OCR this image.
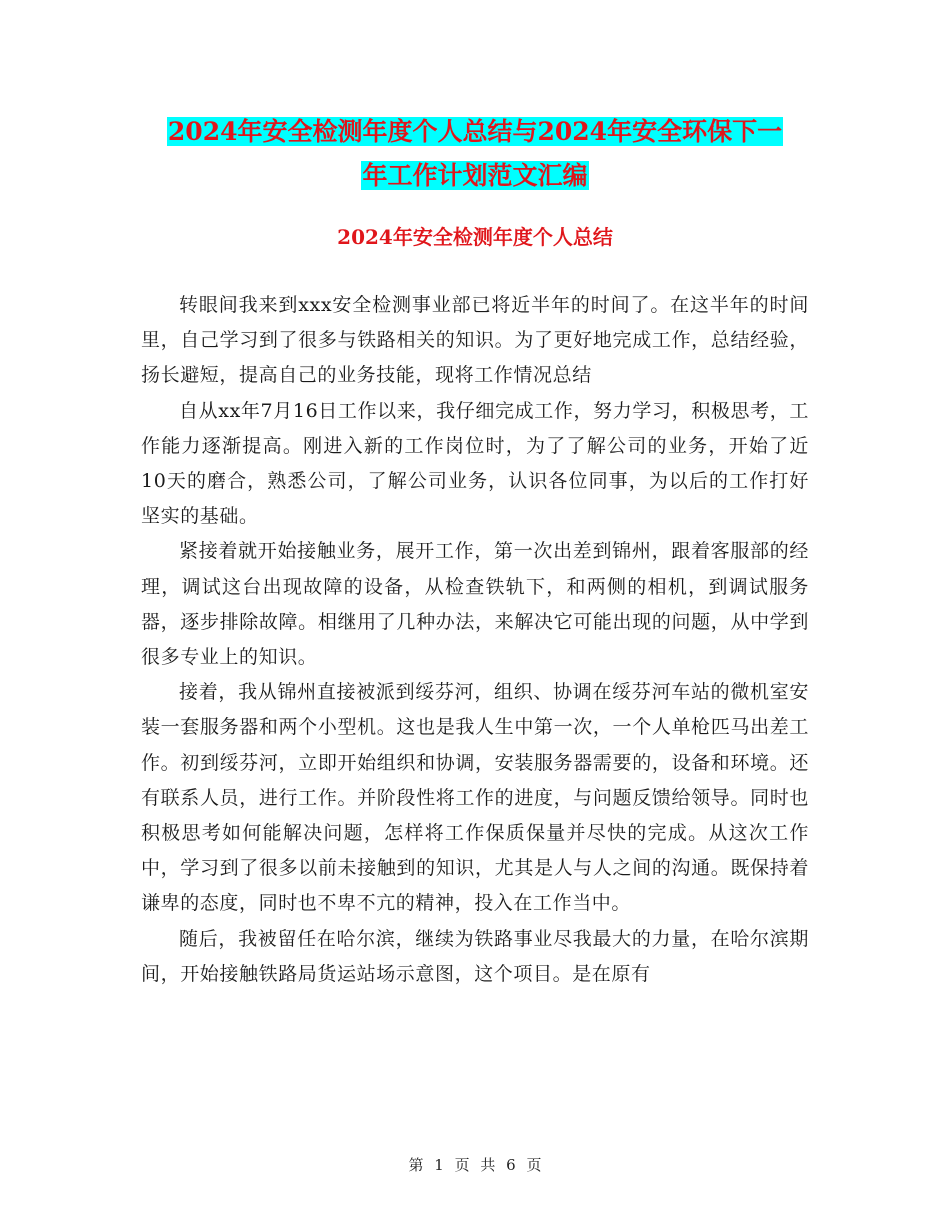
2024年安全检测年度个人总结与2024年安全环保下一
年工作计划范文汇编
2024年安全检测年度个人总结

转眼间我来到xxx安全检测事业部已将近半年的时间了。在这半年的时间里，自己学习到了很多与铁路相关的知识。为了更好地完成工作，总结经验，扬长避短，提高自己的业务技能，现将工作情况总结

自从xx年7月16日工作以来，我仔细完成工作，努力学习，积极思考，工作能力逐渐提高。刚进入新的工作岗位时，为了了解公司的业务，开始了近10天的磨合，熟悉公司，了解公司业务，认识各位同事，为以后的工作打好坚实的基础。

紧接着就开始接触业务，展开工作，第一次出差到锦州，跟着客服部的经理，调试这台出现故障的设备，从检查铁轨下，和两侧的相机，到调试服务器，逐步排除故障。相继用了几种办法，来解决它可能出现的问题，从中学到很多专业上的知识。

接着，我从锦州直接被派到绥芬河，组织、协调在绥芬河车站的微机室安装一套服务器和两个小型机。这也是我人生中第一次，一个人单枪匹马出差工作。初到绥芬河，立即开始组织和协调，安装服务器需要的，设备和环境。还有联系人员，进行工作。并阶段性将工作的进度，与问题反馈给领导。同时也积极思考如何能解决问题，怎样将工作保质保量并尽快的完成。从这次工作中，学习到了很多以前未接触到的知识，尤其是人与人之间的沟通。既保持着谦卑的态度，同时也不卑不亢的精神，投入在工作当中。

随后，我被留任在哈尔滨，继续为铁路事业尽我最大的力量，在哈尔滨期间，开始接触铁路局货运站场示意图，这个项目。是在原有

第 1 页 共 6 页
